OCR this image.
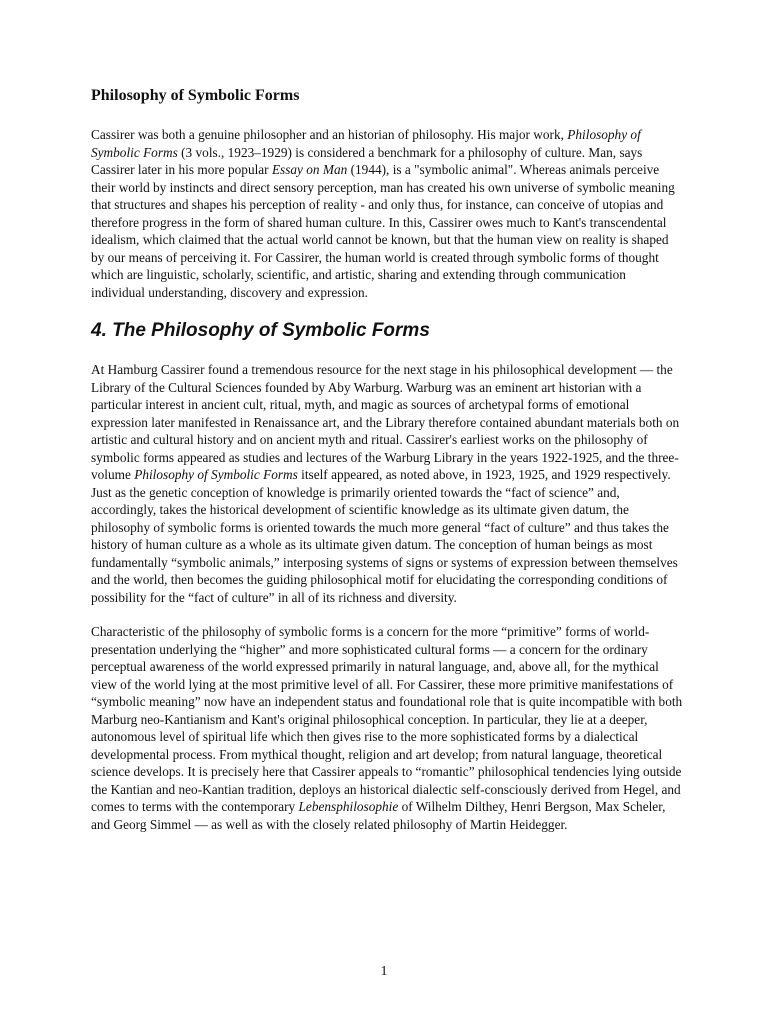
Philosophy of Symbolic Forms

Cassirer was both a genuine philosopher and an historian of philosophy. His major work, Philosophy of Symbolic Forms (3 vols., 1923–1929) is considered a benchmark for a philosophy of culture. Man, says Cassirer later in his more popular Essay on Man (1944), is a "symbolic animal". Whereas animals perceive their world by instincts and direct sensory perception, man has created his own universe of symbolic meaning that structures and shapes his perception of reality - and only thus, for instance, can conceive of utopias and therefore progress in the form of shared human culture. In this, Cassirer owes much to Kant's transcendental idealism, which claimed that the actual world cannot be known, but that the human view on reality is shaped by our means of perceiving it. For Cassirer, the human world is created through symbolic forms of thought which are linguistic, scholarly, scientific, and artistic, sharing and extending through communication individual understanding, discovery and expression.

4. The Philosophy of Symbolic Forms

At Hamburg Cassirer found a tremendous resource for the next stage in his philosophical development — the Library of the Cultural Sciences founded by Aby Warburg. Warburg was an eminent art historian with a particular interest in ancient cult, ritual, myth, and magic as sources of archetypal forms of emotional expression later manifested in Renaissance art, and the Library therefore contained abundant materials both on artistic and cultural history and on ancient myth and ritual. Cassirer's earliest works on the philosophy of symbolic forms appeared as studies and lectures of the Warburg Library in the years 1922-1925, and the three-volume Philosophy of Symbolic Forms itself appeared, as noted above, in 1923, 1925, and 1929 respectively. Just as the genetic conception of knowledge is primarily oriented towards the “fact of science” and, accordingly, takes the historical development of scientific knowledge as its ultimate given datum, the philosophy of symbolic forms is oriented towards the much more general “fact of culture” and thus takes the history of human culture as a whole as its ultimate given datum. The conception of human beings as most fundamentally “symbolic animals,” interposing systems of signs or systems of expression between themselves and the world, then becomes the guiding philosophical motif for elucidating the corresponding conditions of possibility for the “fact of culture” in all of its richness and diversity.

Characteristic of the philosophy of symbolic forms is a concern for the more “primitive” forms of world-presentation underlying the “higher” and more sophisticated cultural forms — a concern for the ordinary perceptual awareness of the world expressed primarily in natural language, and, above all, for the mythical view of the world lying at the most primitive level of all. For Cassirer, these more primitive manifestations of “symbolic meaning” now have an independent status and foundational role that is quite incompatible with both Marburg neo-Kantianism and Kant's original philosophical conception. In particular, they lie at a deeper, autonomous level of spiritual life which then gives rise to the more sophisticated forms by a dialectical developmental process. From mythical thought, religion and art develop; from natural language, theoretical science develops. It is precisely here that Cassirer appeals to “romantic” philosophical tendencies lying outside the Kantian and neo-Kantian tradition, deploys an historical dialectic self-consciously derived from Hegel, and comes to terms with the contemporary Lebensphilosophie of Wilhelm Dilthey, Henri Bergson, Max Scheler, and Georg Simmel — as well as with the closely related philosophy of Martin Heidegger.

1
